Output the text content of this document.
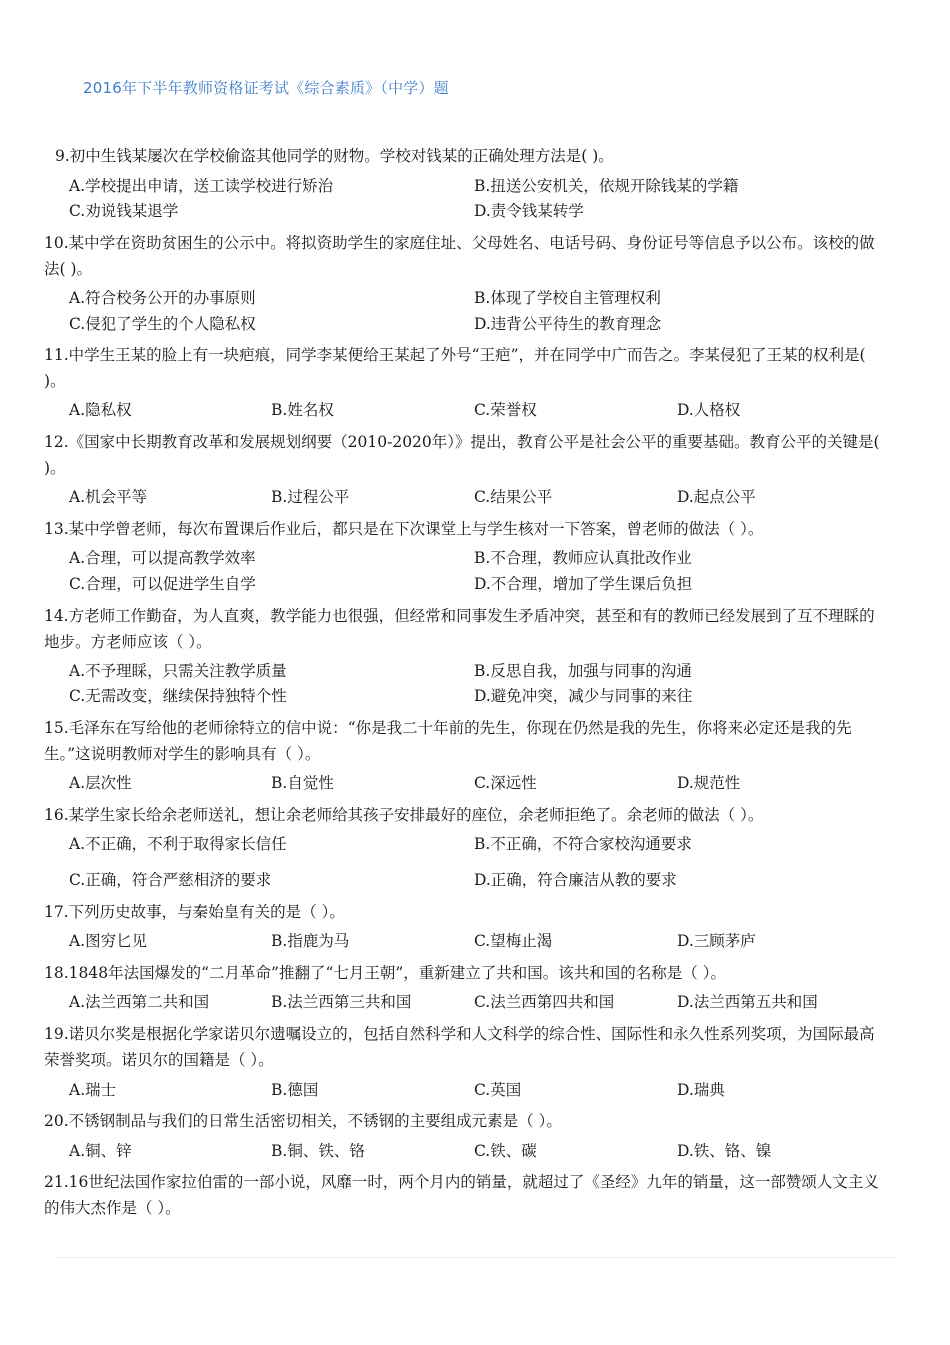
2016年下半年教师资格证考试《综合素质》（中学）题
9.初中生钱某屡次在学校偷盗其他同学的财物。学校对钱某的正确处理方法是( )。
A.学校提出申请，送工读学校进行矫治	B.扭送公安机关，依规开除钱某的学籍
C.劝说钱某退学	D.责令钱某转学
10.某中学在资助贫困生的公示中。将拟资助学生的家庭住址、父母姓名、电话号码、身份证号等信息予以公布。该校的做法( )。
A.符合校务公开的办事原则	B.体现了学校自主管理权利
C.侵犯了学生的个人隐私权	D.违背公平待生的教育理念
11.中学生王某的脸上有一块疤痕，同学李某便给王某起了外号“王疤”，并在同学中广而告之。李某侵犯了王某的权利是( )。
A.隐私权	B.姓名权	C.荣誉权	D.人格权
12.《国家中长期教育改革和发展规划纲要（2010-2020年）》提出，教育公平是社会公平的重要基础。教育公平的关键是( )。
A.机会平等	B.过程公平	C.结果公平	D.起点公平
13.某中学曾老师，每次布置课后作业后，都只是在下次课堂上与学生核对一下答案，曾老师的做法（ ）。
A.合理，可以提高教学效率	B.不合理，教师应认真批改作业
C.合理，可以促进学生自学	D.不合理，增加了学生课后负担
14.方老师工作勤奋，为人直爽，教学能力也很强，但经常和同事发生矛盾冲突，甚至和有的教师已经发展到了互不理睬的地步。方老师应该（ ）。
A.不予理睬，只需关注教学质量	B.反思自我，加强与同事的沟通
C.无需改变，继续保持独特个性	D.避免冲突，减少与同事的来往
15.毛泽东在写给他的老师徐特立的信中说：“你是我二十年前的先生，你现在仍然是我的先生，你将来必定还是我的先生。”这说明教师对学生的影响具有（ ）。
A.层次性	B.自觉性	C.深远性	D.规范性
16.某学生家长给余老师送礼，想让余老师给其孩子安排最好的座位，余老师拒绝了。余老师的做法（ ）。
A.不正确，不利于取得家长信任	B.不正确，不符合家校沟通要求
C.正确，符合严慈相济的要求	D.正确，符合廉洁从教的要求
17.下列历史故事，与秦始皇有关的是（ ）。
A.图穷匕见	B.指鹿为马	C.望梅止渴	D.三顾茅庐
18.1848年法国爆发的“二月革命”推翻了“七月王朝”，重新建立了共和国。该共和国的名称是（ ）。
A.法兰西第二共和国	B.法兰西第三共和国	C.法兰西第四共和国	D.法兰西第五共和国
19.诺贝尔奖是根据化学家诺贝尔遗嘱设立的，包括自然科学和人文科学的综合性、国际性和永久性系列奖项，为国际最高荣誉奖项。诺贝尔的国籍是（ ）。
A.瑞士	B.德国	C.英国	D.瑞典
20.不锈钢制品与我们的日常生活密切相关，不锈钢的主要组成元素是（ ）。
A.铜、锌	B.铜、铁、铬	C.铁、碳	D.铁、铬、镍
21.16世纪法国作家拉伯雷的一部小说，风靡一时，两个月内的销量，就超过了《圣经》九年的销量，这一部赞颂人文主义的伟大杰作是（ ）。
